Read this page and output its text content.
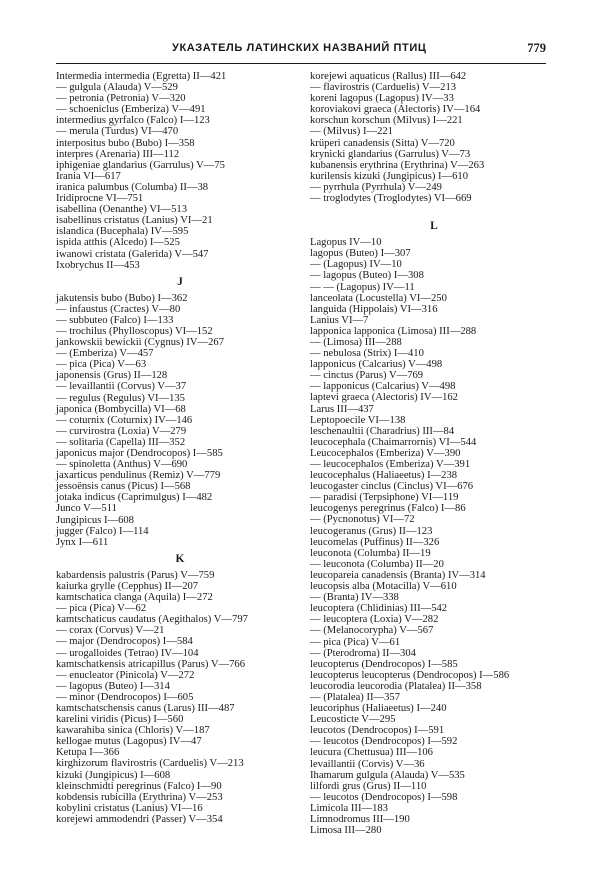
УКАЗАТЕЛЬ ЛАТИНСКИХ НАЗВАНИЙ ПТИЦ	779
Intermedia intermedia (Egretta) II—421
— gulgula (Alauda) V—529
— petronia (Petronia) V—320
— schoeniclus (Emberiza) V—491
intermedius gyrfalco (Falco) I—123
— merula (Turdus) VI—470
interpositus bubo (Bubo) I—358
interpres (Arenaria) III—112
iphigeniae glandarius (Garrulus) V—75
Irania VI—617
iranica palumbus (Columba) II—38
Iridiprocne VI—751
isabellina (Oenanthe) VI—513
isabellinus cristatus (Lanius) VI—21
islandica (Bucephala) IV—595
ispida atthis (Alcedo) I—525
iwanowi cristata (Galerida) V—547
Ixobrychus II—453
J
jakutensis bubo (Bubo) I—362
— infaustus (Cractes) V—80
— subbuteo (Falco) I—133
— trochilus (Phylloscopus) VI—152
jankowskii bewickii (Cygnus) IV—267
— (Emberiza) V—457
— pica (Pica) V—63
japonensis (Grus) II—128
— levaillantii (Corvus) V—37
— regulus (Regulus) VI—135
japonica (Bombycilla) VI—68
— coturnix (Coturnix) IV—146
— curvirostra (Loxia) V—279
— solitaria (Capella) III—352
japonicus major (Dendrocopos) I—585
— spinoletta (Anthus) V—690
jaxarticus pendulinus (Remiz) V—779
jessoënsis canus (Picus) I—568
jotaka indicus (Caprimulgus) I—482
Junco V—511
Jungipicus I—608
jugger (Falco) I—114
Jynx I—611
K
kabardensis palustris (Parus) V—759
kaiurka grylle (Cepphus) II—207
kamtschatica clanga (Aquila) I—272
— pica (Pica) V—62
kamtschaticus caudatus (Aegithalos) V—797
— corax (Corvus) V—21
— major (Dendrocopos) I—584
— urogalloides (Tetrao) IV—104
kamtschatkensis atricapillus (Parus) V—766
— enucleator (Pinicola) V—272
— lagopus (Buteo) I—314
— minor (Dendrocopos) I—605
kamtschatschensis canus (Larus) III—487
karelini viridis (Picus) I—560
kawarahiba sinica (Chloris) V—187
kellogae mutus (Lagopus) IV—47
Ketupa I—366
kirghizorum flavirostris (Carduelis) V—213
kizuki (Jungipicus) I—608
kleinschmidti peregrinus (Falco) I—90
kobdensis rubicilla (Erythrina) V—253
kobylini cristatus (Lanius) VI—16
korejewi ammodendri (Passer) V—354
korejewi aquaticus (Rallus) III—642
— flavirostris (Carduelis) V—213
koreni lagopus (Lagopus) IV—33
koroviakovi graeca (Alectoris) IV—164
korschun korschun (Milvus) I—221
— (Milvus) I—221
krüperi canadensis (Sitta) V—720
krynicki glandarius (Garrulus) V—73
kubanensis erythrina (Erythrina) V—263
kurilensis kizuki (Jungipicus) I—610
— pyrrhula (Pyrrhula) V—249
— troglodytes (Troglodytes) VI—669
L
Lagopus IV—10
lagopus (Buteo) I—307
— (Lagopus) IV—10
— lagopus (Buteo) I—308
— — (Lagopus) IV—11
lanceolata (Locustella) VI—250
languida (Hippolais) VI—316
Lanius VI—7
lapponica lapponica (Limosa) III—288
— (Limosa) III—288
— nebulosa (Strix) I—410
lapponicus (Calcarius) V—498
— cinctus (Parus) V—769
— lapponicus (Calcarius) V—498
laptevi graeca (Alectoris) IV—162
Larus III—437
Leptopoecile VI—138
leschenaultii (Charadrius) III—84
leucocephala (Chaimarrornis) VI—544
Leucocephalos (Emberiza) V—390
— leucocephalos (Emberiza) V—391
leucocephalus (Haliaeetus) I—238
leucogaster cinclus (Cinclus) VI—676
— paradisi (Terpsiphone) VI—119
leucogenys peregrinus (Falco) I—86
— (Pycnonotus) VI—72
leucogeranus (Grus) II—123
leucomelas (Puffinus) II—326
leuconota (Columba) II—19
— leuconota (Columba) II—20
leucopareia canadensis (Branta) IV—314
leucopsis alba (Motacilla) V—610
— (Branta) IV—338
leucoptera (Chlidinias) III—542
— leucoptera (Loxia) V—282
— (Melanocorypha) V—567
— pica (Pica) V—61
— (Pterodroma) II—304
leucopterus (Dendrocopos) I—585
leucopterus leucopterus (Dendrocopos) I—586
leucorodia leucorodia (Platalea) II—358
— (Platalea) II—357
leucoriphus (Haliaeetus) I—240
Leucosticte V—295
leucotos (Dendrocopos) I—591
— leucotos (Dendrocopos) I—592
leucura (Chettusua) III—106
levaillantii (Corvis) V—36
Ihamarum gulgula (Alauda) V—535
lilfordi grus (Grus) II—110
— leucotos (Dendrocopos) I—598
Limicola III—183
Limnodromus III—190
Limosa III—280
